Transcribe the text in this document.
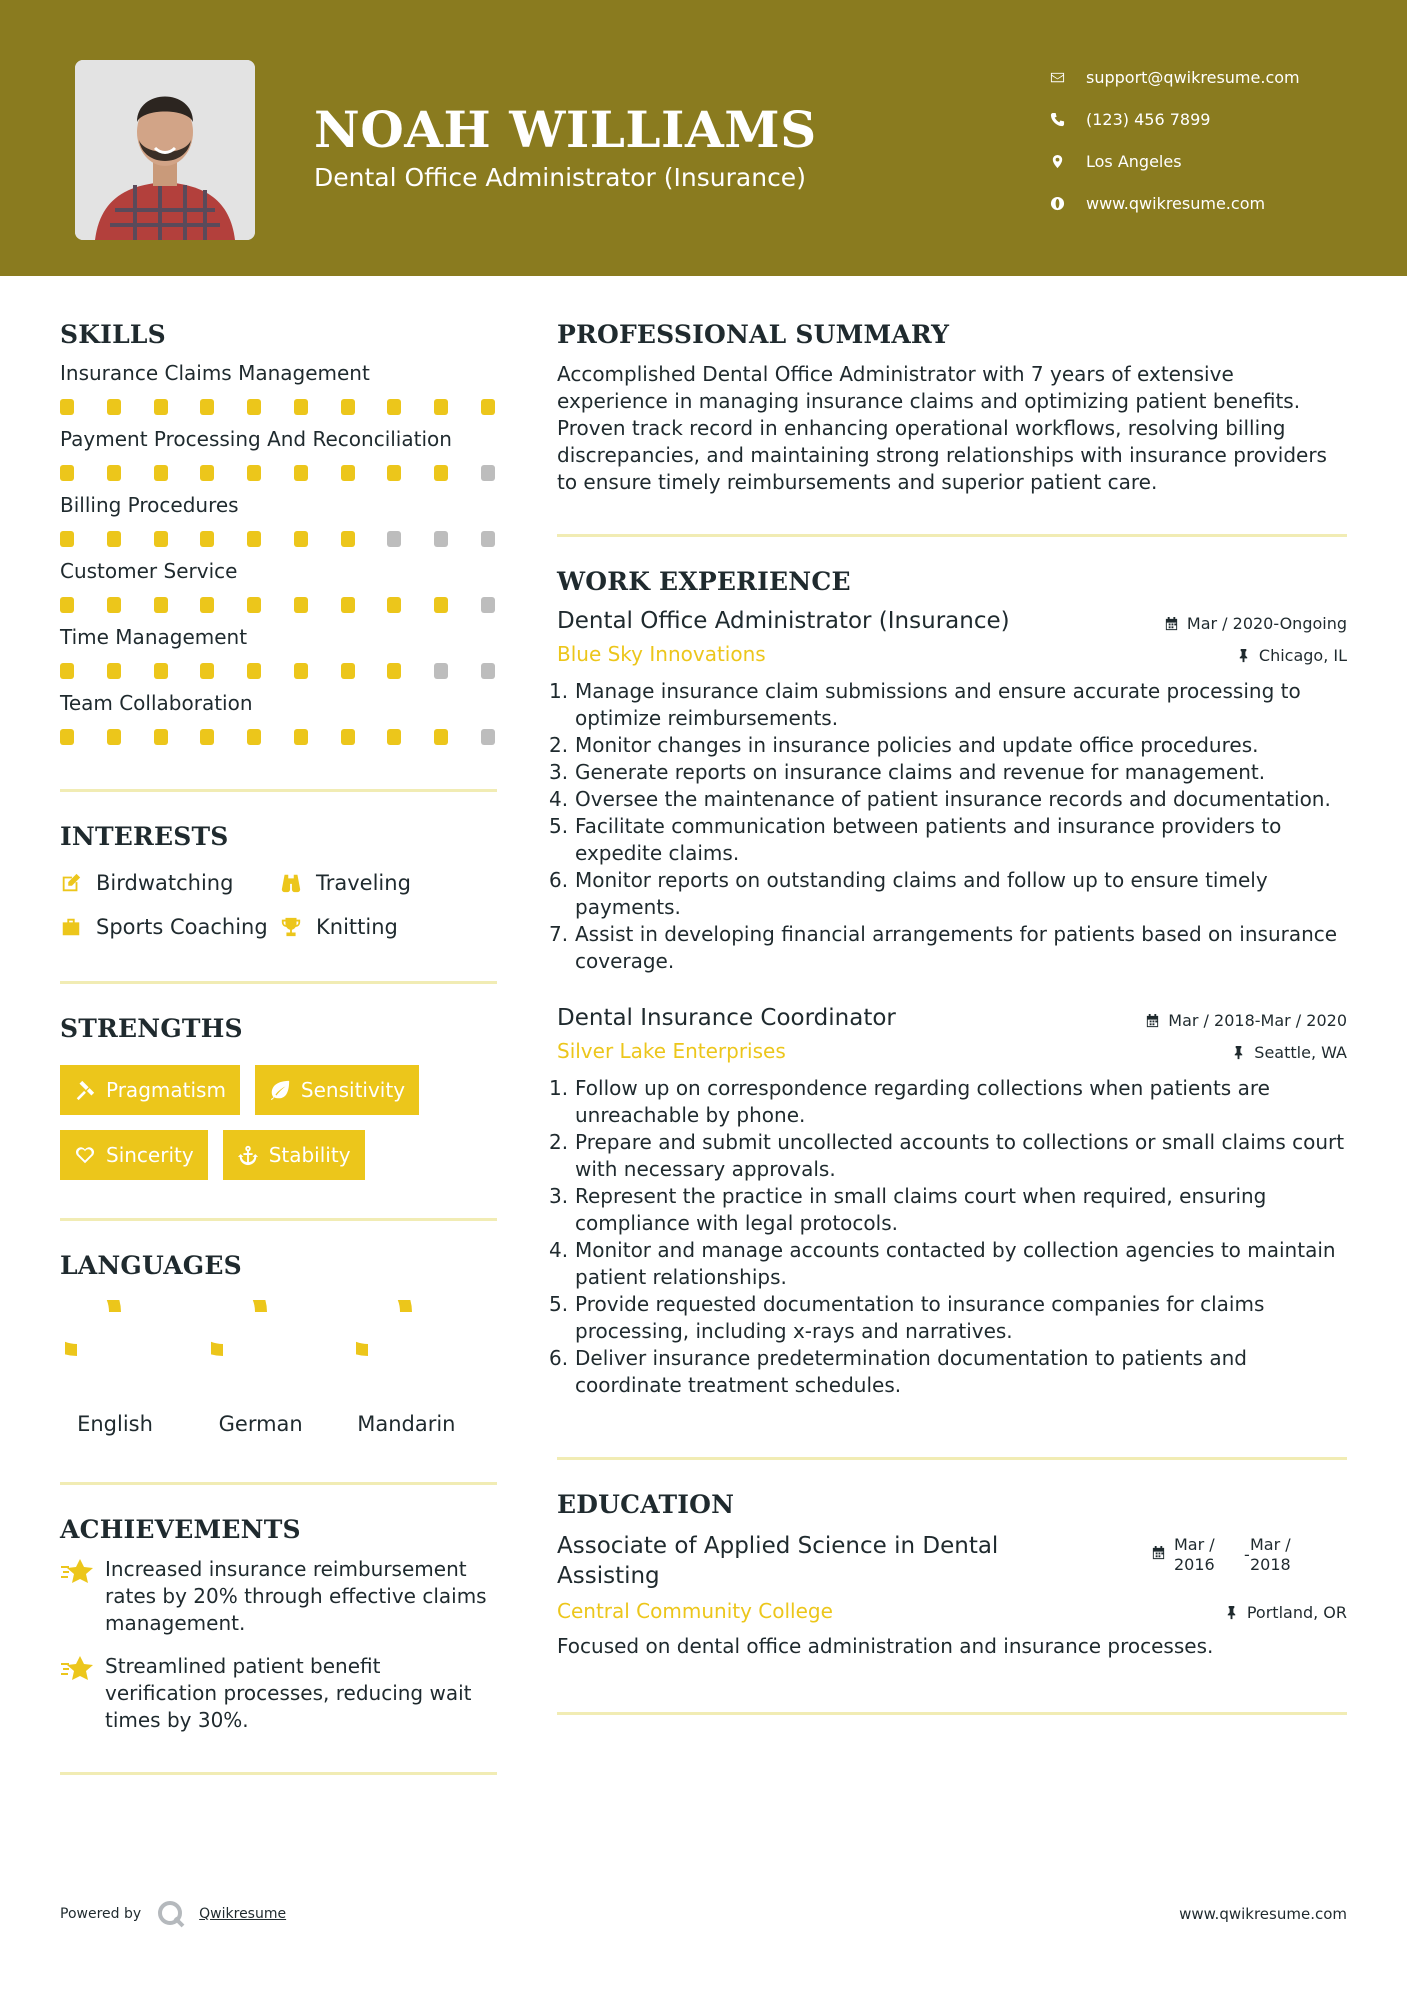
NOAH WILLIAMS
Dental Office Administrator (Insurance)
support@qwikresume.com
(123) 456 7899
Los Angeles
www.qwikresume.com
SKILLS
Insurance Claims Management
Payment Processing And Reconciliation
Billing Procedures
Customer Service
Time Management
Team Collaboration
INTERESTS
Birdwatching	Traveling
Sports Coaching Knitting
STRENGTHS
Pragmatism	Sensitivity
Sincerity	Stability
LANGUAGES
English	German	Mandarin
ACHIEVEMENTS
Increased insurance reimbursement rates by 20% through effective claims management.
Streamlined patient benefit verification processes, reducing wait times by 30%.
PROFESSIONAL SUMMARY
Accomplished Dental Office Administrator with 7 years of extensive experience in managing insurance claims and optimizing patient benefits. Proven track record in enhancing operational workflows, resolving billing discrepancies, and maintaining strong relationships with insurance providers to ensure timely reimbursements and superior patient care.
WORK EXPERIENCE
Dental Office Administrator (Insurance)	Mar / 2020-Ongoing
Blue Sky Innovations	Chicago, IL
1. Manage insurance claim submissions and ensure accurate processing to optimize reimbursements.
2. Monitor changes in insurance policies and update office procedures.
3. Generate reports on insurance claims and revenue for management.
4. Oversee the maintenance of patient insurance records and documentation.
5. Facilitate communication between patients and insurance providers to expedite claims.
6. Monitor reports on outstanding claims and follow up to ensure timely payments.
7. Assist in developing financial arrangements for patients based on insurance coverage.
Dental Insurance Coordinator	Mar / 2018-Mar / 2020
Silver Lake Enterprises	Seattle, WA
1. Follow up on correspondence regarding collections when patients are unreachable by phone.
2. Prepare and submit uncollected accounts to collections or small claims court with necessary approvals.
3. Represent the practice in small claims court when required, ensuring compliance with legal protocols.
4. Monitor and manage accounts contacted by collection agencies to maintain patient relationships.
5. Provide requested documentation to insurance companies for claims processing, including x-rays and narratives.
6. Deliver insurance predetermination documentation to patients and coordinate treatment schedules.
EDUCATION
Associate of Applied Science in Dental Assisting
Mar /
2016
-
Mar /
2018
Central Community College	Portland, OR
Focused on dental office administration and insurance processes.
Powered by	Qwikresume	www.qwikresume.com
